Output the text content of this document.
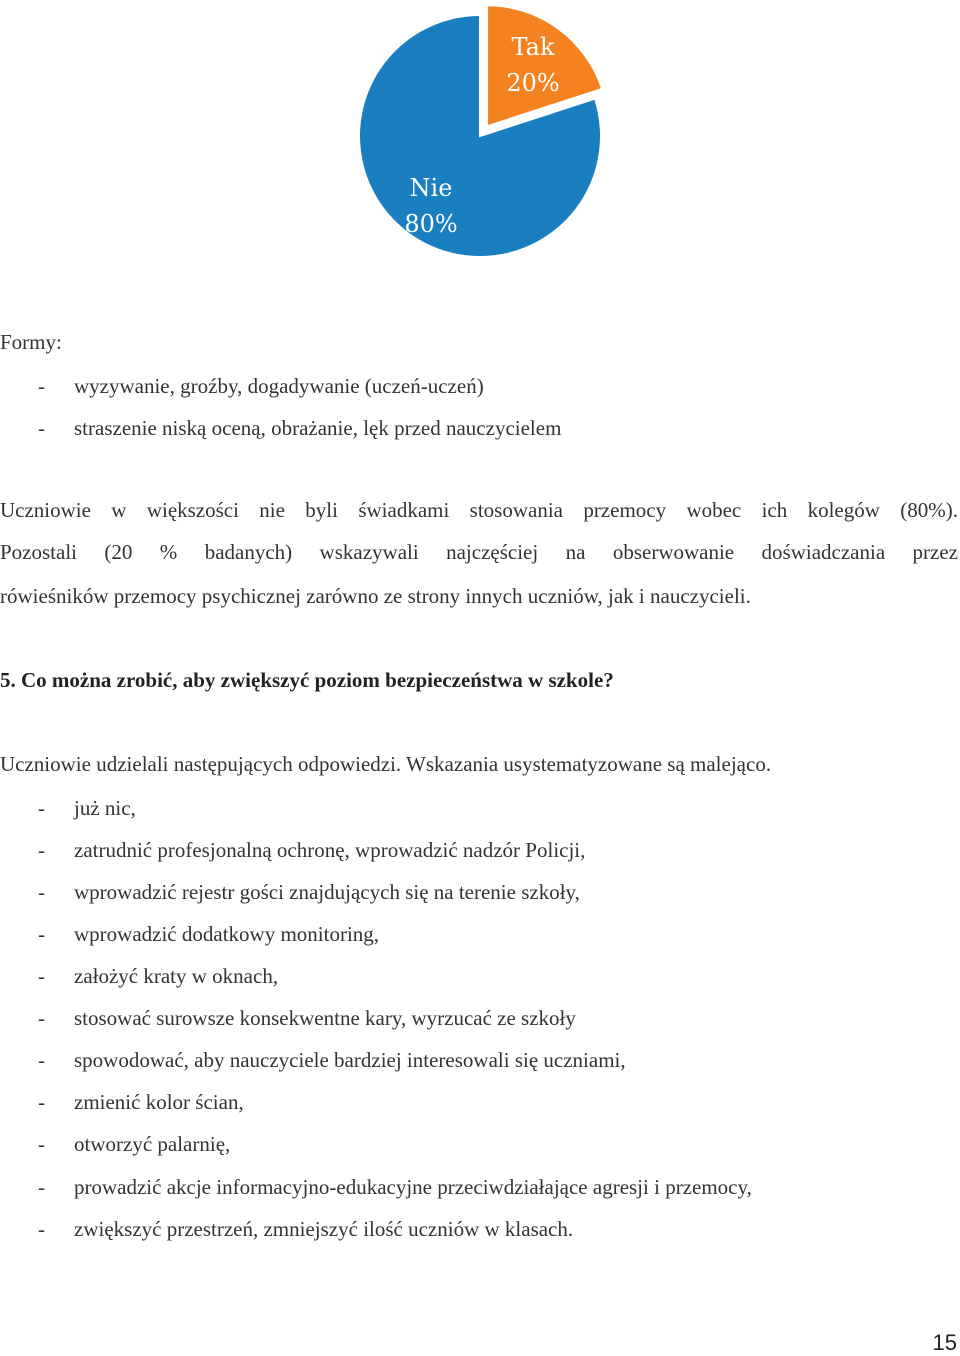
Tak
20%
Nie
80%
Formy:
- wyzywanie, groźby, dogadywanie (uczeń-uczeń)
- straszenie niską oceną, obrażanie, lęk przed nauczycielem
Uczniowie w większości nie byli świadkami stosowania przemocy wobec ich kolegów (80%).
Pozostali (20 % badanych) wskazywali najczęściej na obserwowanie doświadczania przez
rówieśników przemocy psychicznej zarówno ze strony innych uczniów, jak i nauczycieli.
5. Co można zrobić, aby zwiększyć poziom bezpieczeństwa w szkole?
Uczniowie udzielali następujących odpowiedzi. Wskazania usystematyzowane są malejąco.
- już nic,
- zatrudnić profesjonalną ochronę, wprowadzić nadzór Policji,
- wprowadzić rejestr gości znajdujących się na terenie szkoły,
- wprowadzić dodatkowy monitoring,
- założyć kraty w oknach,
- stosować surowsze konsekwentne kary, wyrzucać ze szkoły
- spowodować, aby nauczyciele bardziej interesowali się uczniami,
- zmienić kolor ścian,
- otworzyć palarnię,
- prowadzić akcje informacyjno-edukacyjne przeciwdziałające agresji i przemocy,
- zwiększyć przestrzeń, zmniejszyć ilość uczniów w klasach.
15
